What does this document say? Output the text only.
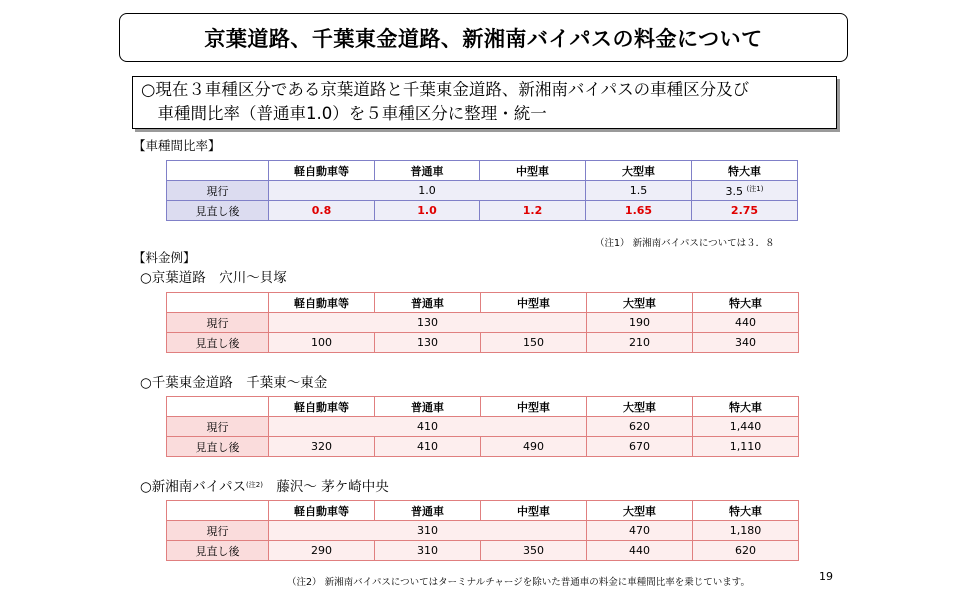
京葉道路、千葉東金道路、新湘南バイパスの料金について
○現在３車種区分である京葉道路と千葉東金道路、新湘南バイパスの車種区分及び
　車種間比率（普通車1.0）を５車種区分に整理・統一
【車種間比率】
	軽自動車等	普通車	中型車	大型車	特大車
現行	1.0			1.5	3.5 $^{(注1)}$
見直し後	0.8	1.0	1.2	1.65	2.75
（注1） 新湘南バイパスについては３．８
【料金例】
○京葉道路　穴川～貝塚
	軽自動車等	普通車	中型車	大型車	特大車
現行	130			190	440
見直し後	100	130	150	210	340
○千葉東金道路　千葉東～東金
	軽自動車等	普通車	中型車	大型車	特大車
現行	410			620	1,440
見直し後	320	410	490	670	1,110
○新湘南バイパス$^{(注2)}$　藤沢～ 茅ケ崎中央
	軽自動車等	普通車	中型車	大型車	特大車
現行	310			470	1,180
見直し後	290	310	350	440	620
（注2） 新湘南バイパスについてはターミナルチャージを除いた普通車の料金に車種間比率を乗じています。	19
